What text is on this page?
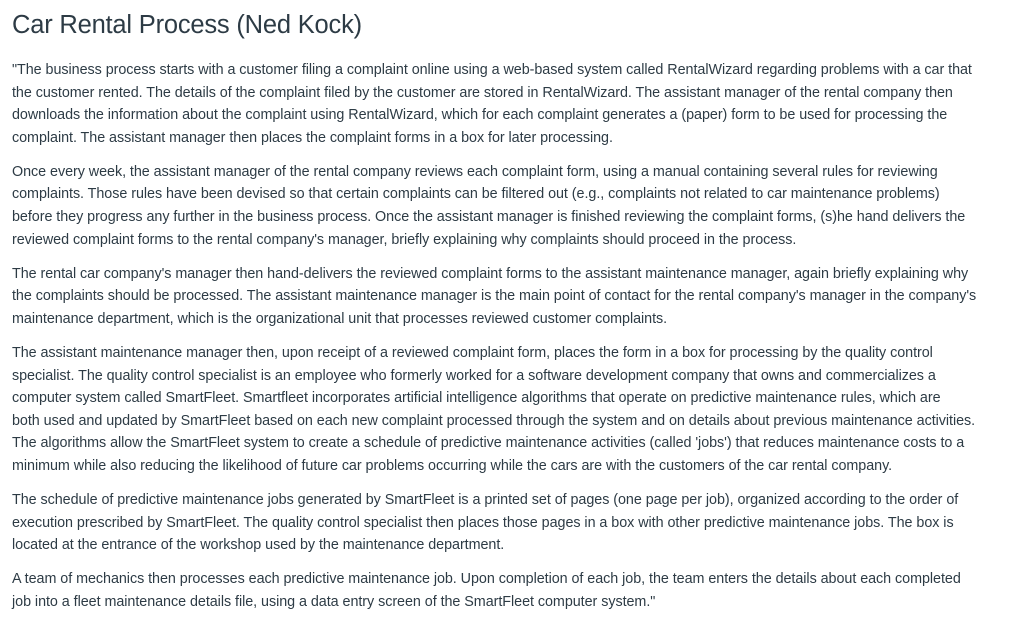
Car Rental Process (Ned Kock)

"The business process starts with a customer filing a complaint online using a web-based system called RentalWizard regarding problems with a car that
the customer rented. The details of the complaint filed by the customer are stored in RentalWizard. The assistant manager of the rental company then
downloads the information about the complaint using RentalWizard, which for each complaint generates a (paper) form to be used for processing the
complaint. The assistant manager then places the complaint forms in a box for later processing.

Once every week, the assistant manager of the rental company reviews each complaint form, using a manual containing several rules for reviewing
complaints. Those rules have been devised so that certain complaints can be filtered out (e.g., complaints not related to car maintenance problems)
before they progress any further in the business process. Once the assistant manager is finished reviewing the complaint forms, (s)he hand delivers the
reviewed complaint forms to the rental company's manager, briefly explaining why complaints should proceed in the process.

The rental car company's manager then hand-delivers the reviewed complaint forms to the assistant maintenance manager, again briefly explaining why
the complaints should be processed. The assistant maintenance manager is the main point of contact for the rental company's manager in the company's
maintenance department, which is the organizational unit that processes reviewed customer complaints.

The assistant maintenance manager then, upon receipt of a reviewed complaint form, places the form in a box for processing by the quality control
specialist. The quality control specialist is an employee who formerly worked for a software development company that owns and commercializes a
computer system called SmartFleet. Smartfleet incorporates artificial intelligence algorithms that operate on predictive maintenance rules, which are
both used and updated by SmartFleet based on each new complaint processed through the system and on details about previous maintenance activities.
The algorithms allow the SmartFleet system to create a schedule of predictive maintenance activities (called 'jobs') that reduces maintenance costs to a
minimum while also reducing the likelihood of future car problems occurring while the cars are with the customers of the car rental company.

The schedule of predictive maintenance jobs generated by SmartFleet is a printed set of pages (one page per job), organized according to the order of
execution prescribed by SmartFleet. The quality control specialist then places those pages in a box with other predictive maintenance jobs. The box is
located at the entrance of the workshop used by the maintenance department.

A team of mechanics then processes each predictive maintenance job. Upon completion of each job, the team enters the details about each completed
job into a fleet maintenance details file, using a data entry screen of the SmartFleet computer system."
